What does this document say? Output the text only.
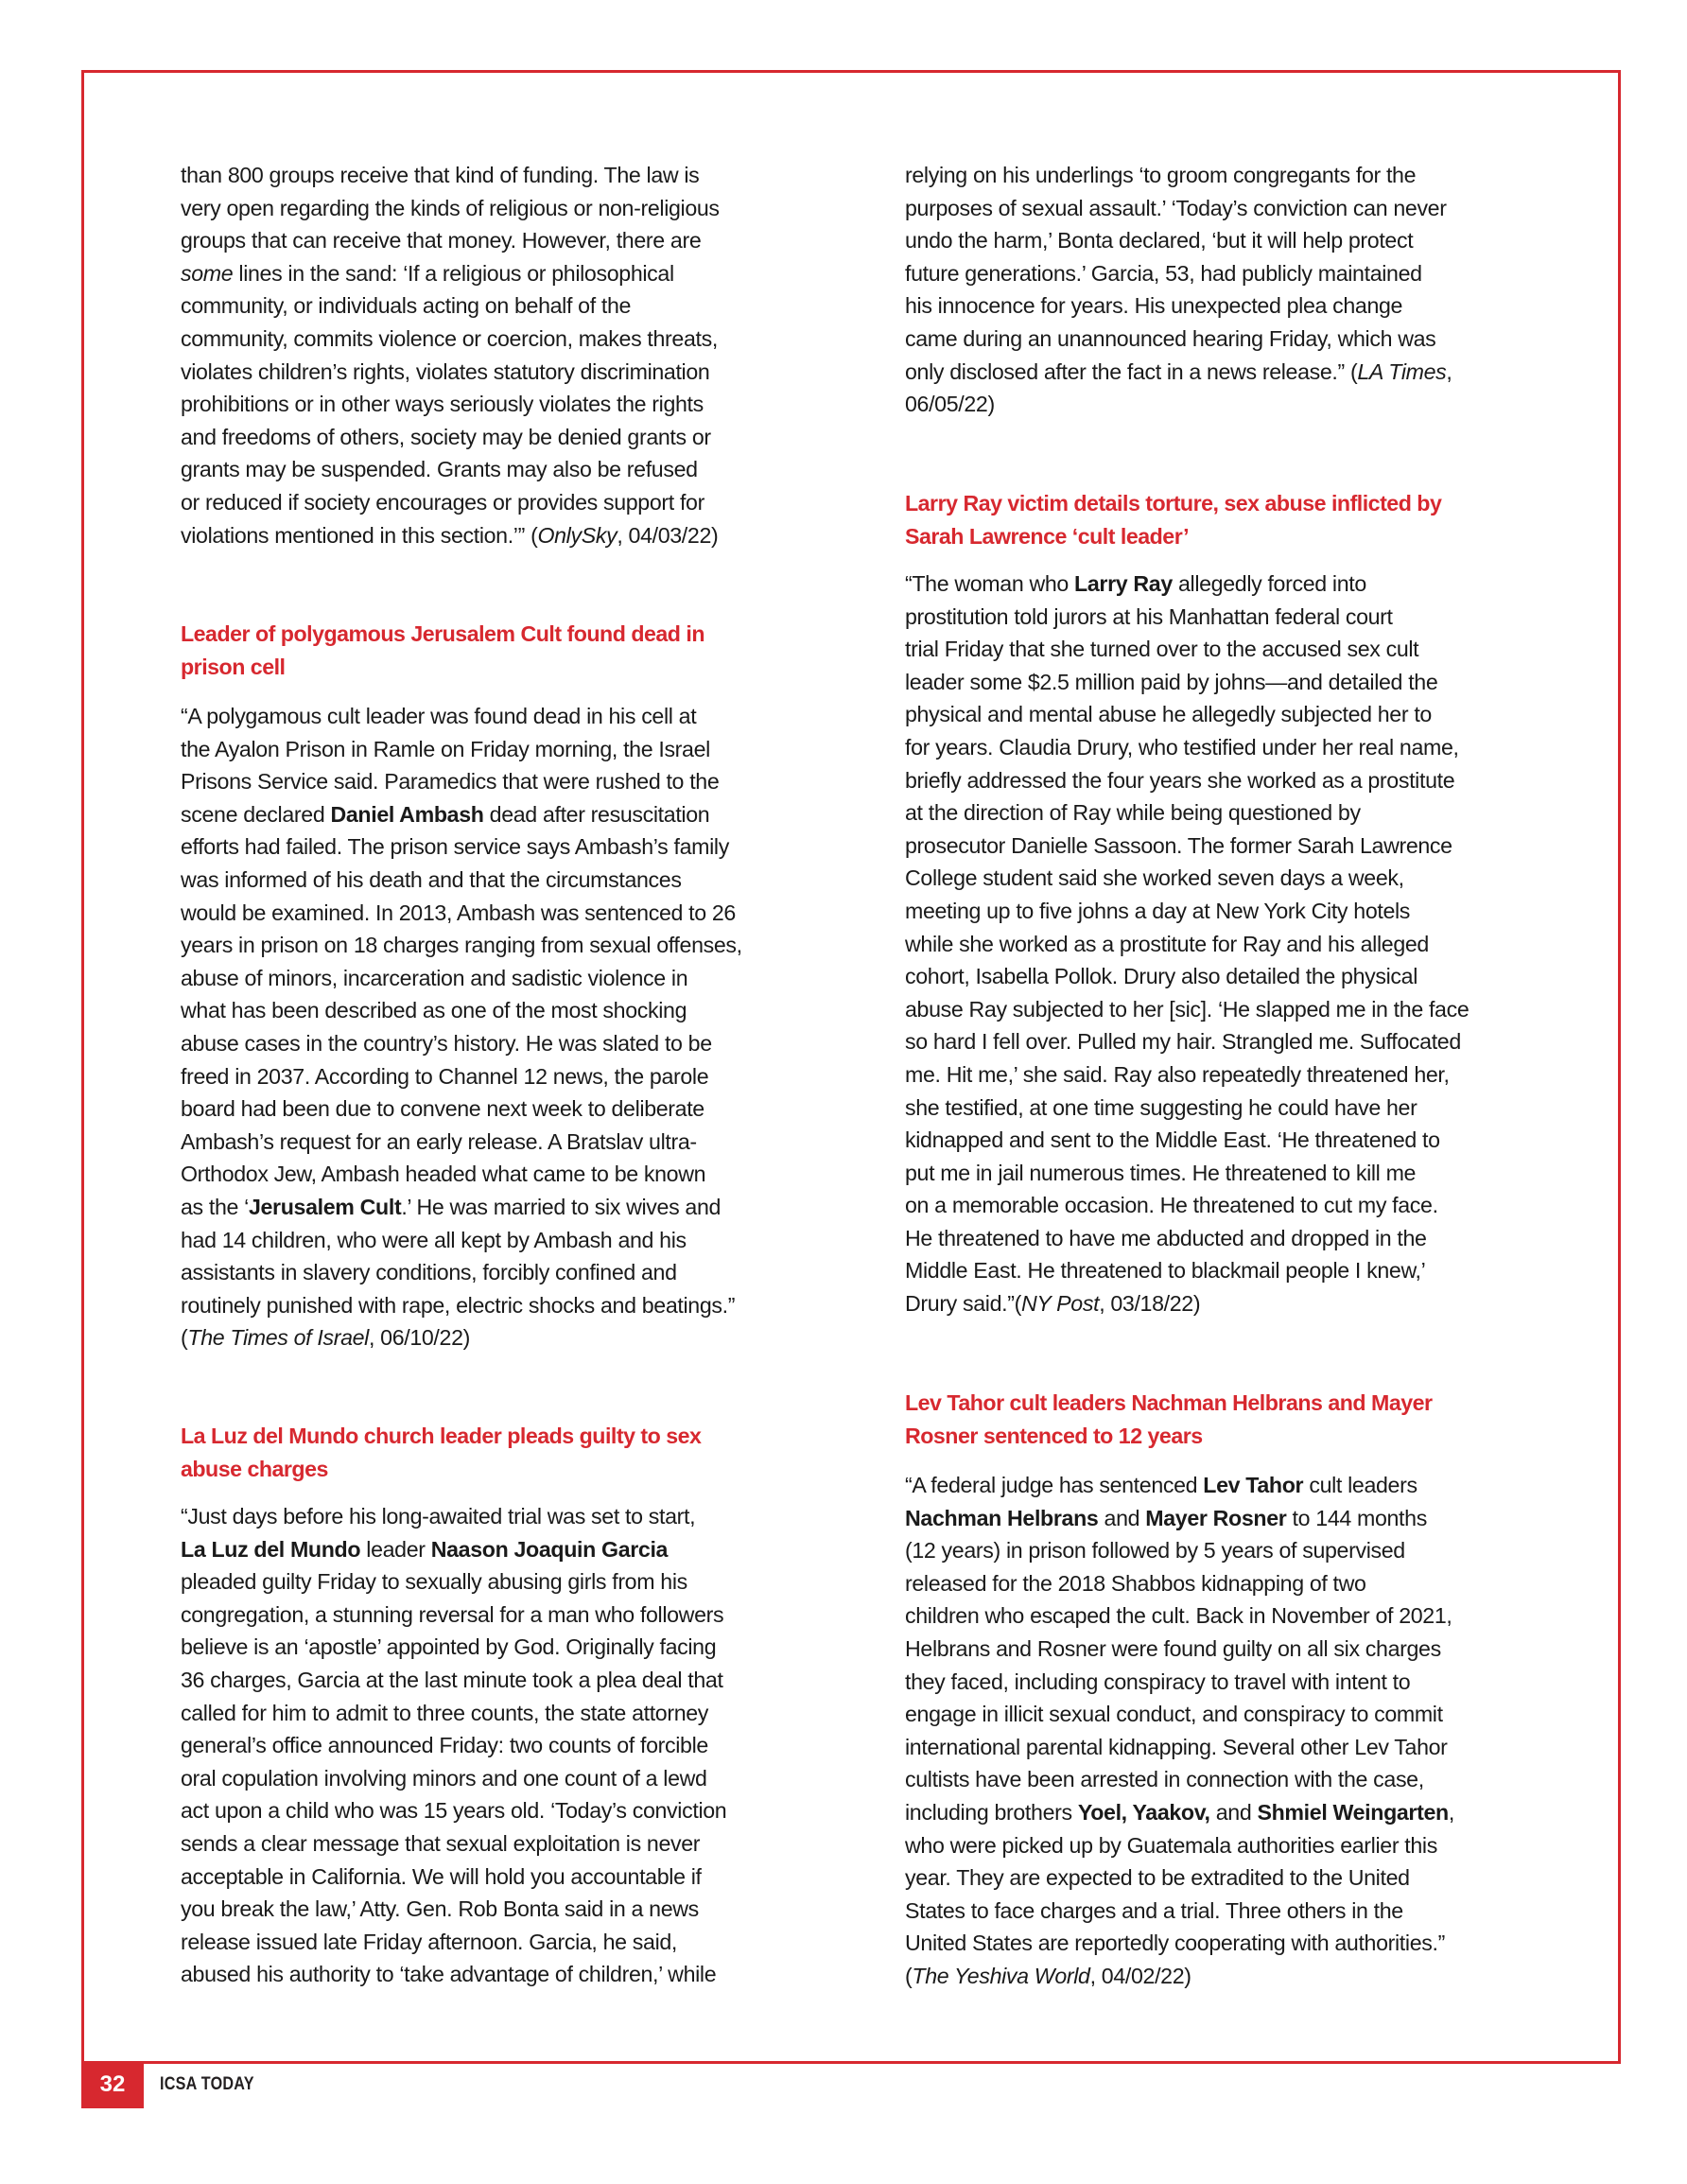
than 800 groups receive that kind of funding. The law is
very open regarding the kinds of religious or non-religious
groups that can receive that money. However, there are
some lines in the sand: ‘If a religious or philosophical
community, or individuals acting on behalf of the
community, commits violence or coercion, makes threats,
violates children’s rights, violates statutory discrimination
prohibitions or in other ways seriously violates the rights
and freedoms of others, society may be denied grants or
grants may be suspended. Grants may also be refused
or reduced if society encourages or provides support for
violations mentioned in this section.’” (OnlySky, 04/03/22)
Leader of polygamous Jerusalem Cult found dead in
prison cell
“A polygamous cult leader was found dead in his cell at
the Ayalon Prison in Ramle on Friday morning, the Israel
Prisons Service said. Paramedics that were rushed to the
scene declared Daniel Ambash dead after resuscitation
efforts had failed. The prison service says Ambash’s family
was informed of his death and that the circumstances
would be examined. In 2013, Ambash was sentenced to 26
years in prison on 18 charges ranging from sexual offenses,
abuse of minors, incarceration and sadistic violence in
what has been described as one of the most shocking
abuse cases in the country’s history. He was slated to be
freed in 2037. According to Channel 12 news, the parole
board had been due to convene next week to deliberate
Ambash’s request for an early release. A Bratslav ultra-
Orthodox Jew, Ambash headed what came to be known
as the ‘Jerusalem Cult.’ He was married to six wives and
had 14 children, who were all kept by Ambash and his
assistants in slavery conditions, forcibly confined and
routinely punished with rape, electric shocks and beatings.”
(The Times of Israel, 06/10/22)
La Luz del Mundo church leader pleads guilty to sex
abuse charges
“Just days before his long-awaited trial was set to start,
La Luz del Mundo leader Naason Joaquin Garcia
pleaded guilty Friday to sexually abusing girls from his
congregation, a stunning reversal for a man who followers
believe is an ‘apostle’ appointed by God. Originally facing
36 charges, Garcia at the last minute took a plea deal that
called for him to admit to three counts, the state attorney
general’s office announced Friday: two counts of forcible
oral copulation involving minors and one count of a lewd
act upon a child who was 15 years old. ‘Today’s conviction
sends a clear message that sexual exploitation is never
acceptable in California. We will hold you accountable if
you break the law,’ Atty. Gen. Rob Bonta said in a news
release issued late Friday afternoon. Garcia, he said,
abused his authority to ‘take advantage of children,’ while
relying on his underlings ‘to groom congregants for the
purposes of sexual assault.’ ‘Today’s conviction can never
undo the harm,’ Bonta declared, ‘but it will help protect
future generations.’ Garcia, 53, had publicly maintained
his innocence for years. His unexpected plea change
came during an unannounced hearing Friday, which was
only disclosed after the fact in a news release.” (LA Times,
06/05/22)
Larry Ray victim details torture, sex abuse inflicted by
Sarah Lawrence ‘cult leader’
“The woman who Larry Ray allegedly forced into
prostitution told jurors at his Manhattan federal court
trial Friday that she turned over to the accused sex cult
leader some $2.5 million paid by johns—and detailed the
physical and mental abuse he allegedly subjected her to
for years. Claudia Drury, who testified under her real name,
briefly addressed the four years she worked as a prostitute
at the direction of Ray while being questioned by
prosecutor Danielle Sassoon. The former Sarah Lawrence
College student said she worked seven days a week,
meeting up to five johns a day at New York City hotels
while she worked as a prostitute for Ray and his alleged
cohort, Isabella Pollok. Drury also detailed the physical
abuse Ray subjected to her [sic]. ‘He slapped me in the face
so hard I fell over. Pulled my hair. Strangled me. Suffocated
me. Hit me,’ she said. Ray also repeatedly threatened her,
she testified, at one time suggesting he could have her
kidnapped and sent to the Middle East. ‘He threatened to
put me in jail numerous times. He threatened to kill me
on a memorable occasion. He threatened to cut my face.
He threatened to have me abducted and dropped in the
Middle East. He threatened to blackmail people I knew,’
Drury said.”(NY Post, 03/18/22)
Lev Tahor cult leaders Nachman Helbrans and Mayer
Rosner sentenced to 12 years
“A federal judge has sentenced Lev Tahor cult leaders
Nachman Helbrans and Mayer Rosner to 144 months
(12 years) in prison followed by 5 years of supervised
released for the 2018 Shabbos kidnapping of two
children who escaped the cult. Back in November of 2021,
Helbrans and Rosner were found guilty on all six charges
they faced, including conspiracy to travel with intent to
engage in illicit sexual conduct, and conspiracy to commit
international parental kidnapping. Several other Lev Tahor
cultists have been arrested in connection with the case,
including brothers Yoel, Yaakov, and Shmiel Weingarten,
who were picked up by Guatemala authorities earlier this
year. They are expected to be extradited to the United
States to face charges and a trial. Three others in the
United States are reportedly cooperating with authorities.”
(The Yeshiva World, 04/02/22)
32 ICSA TODAY
